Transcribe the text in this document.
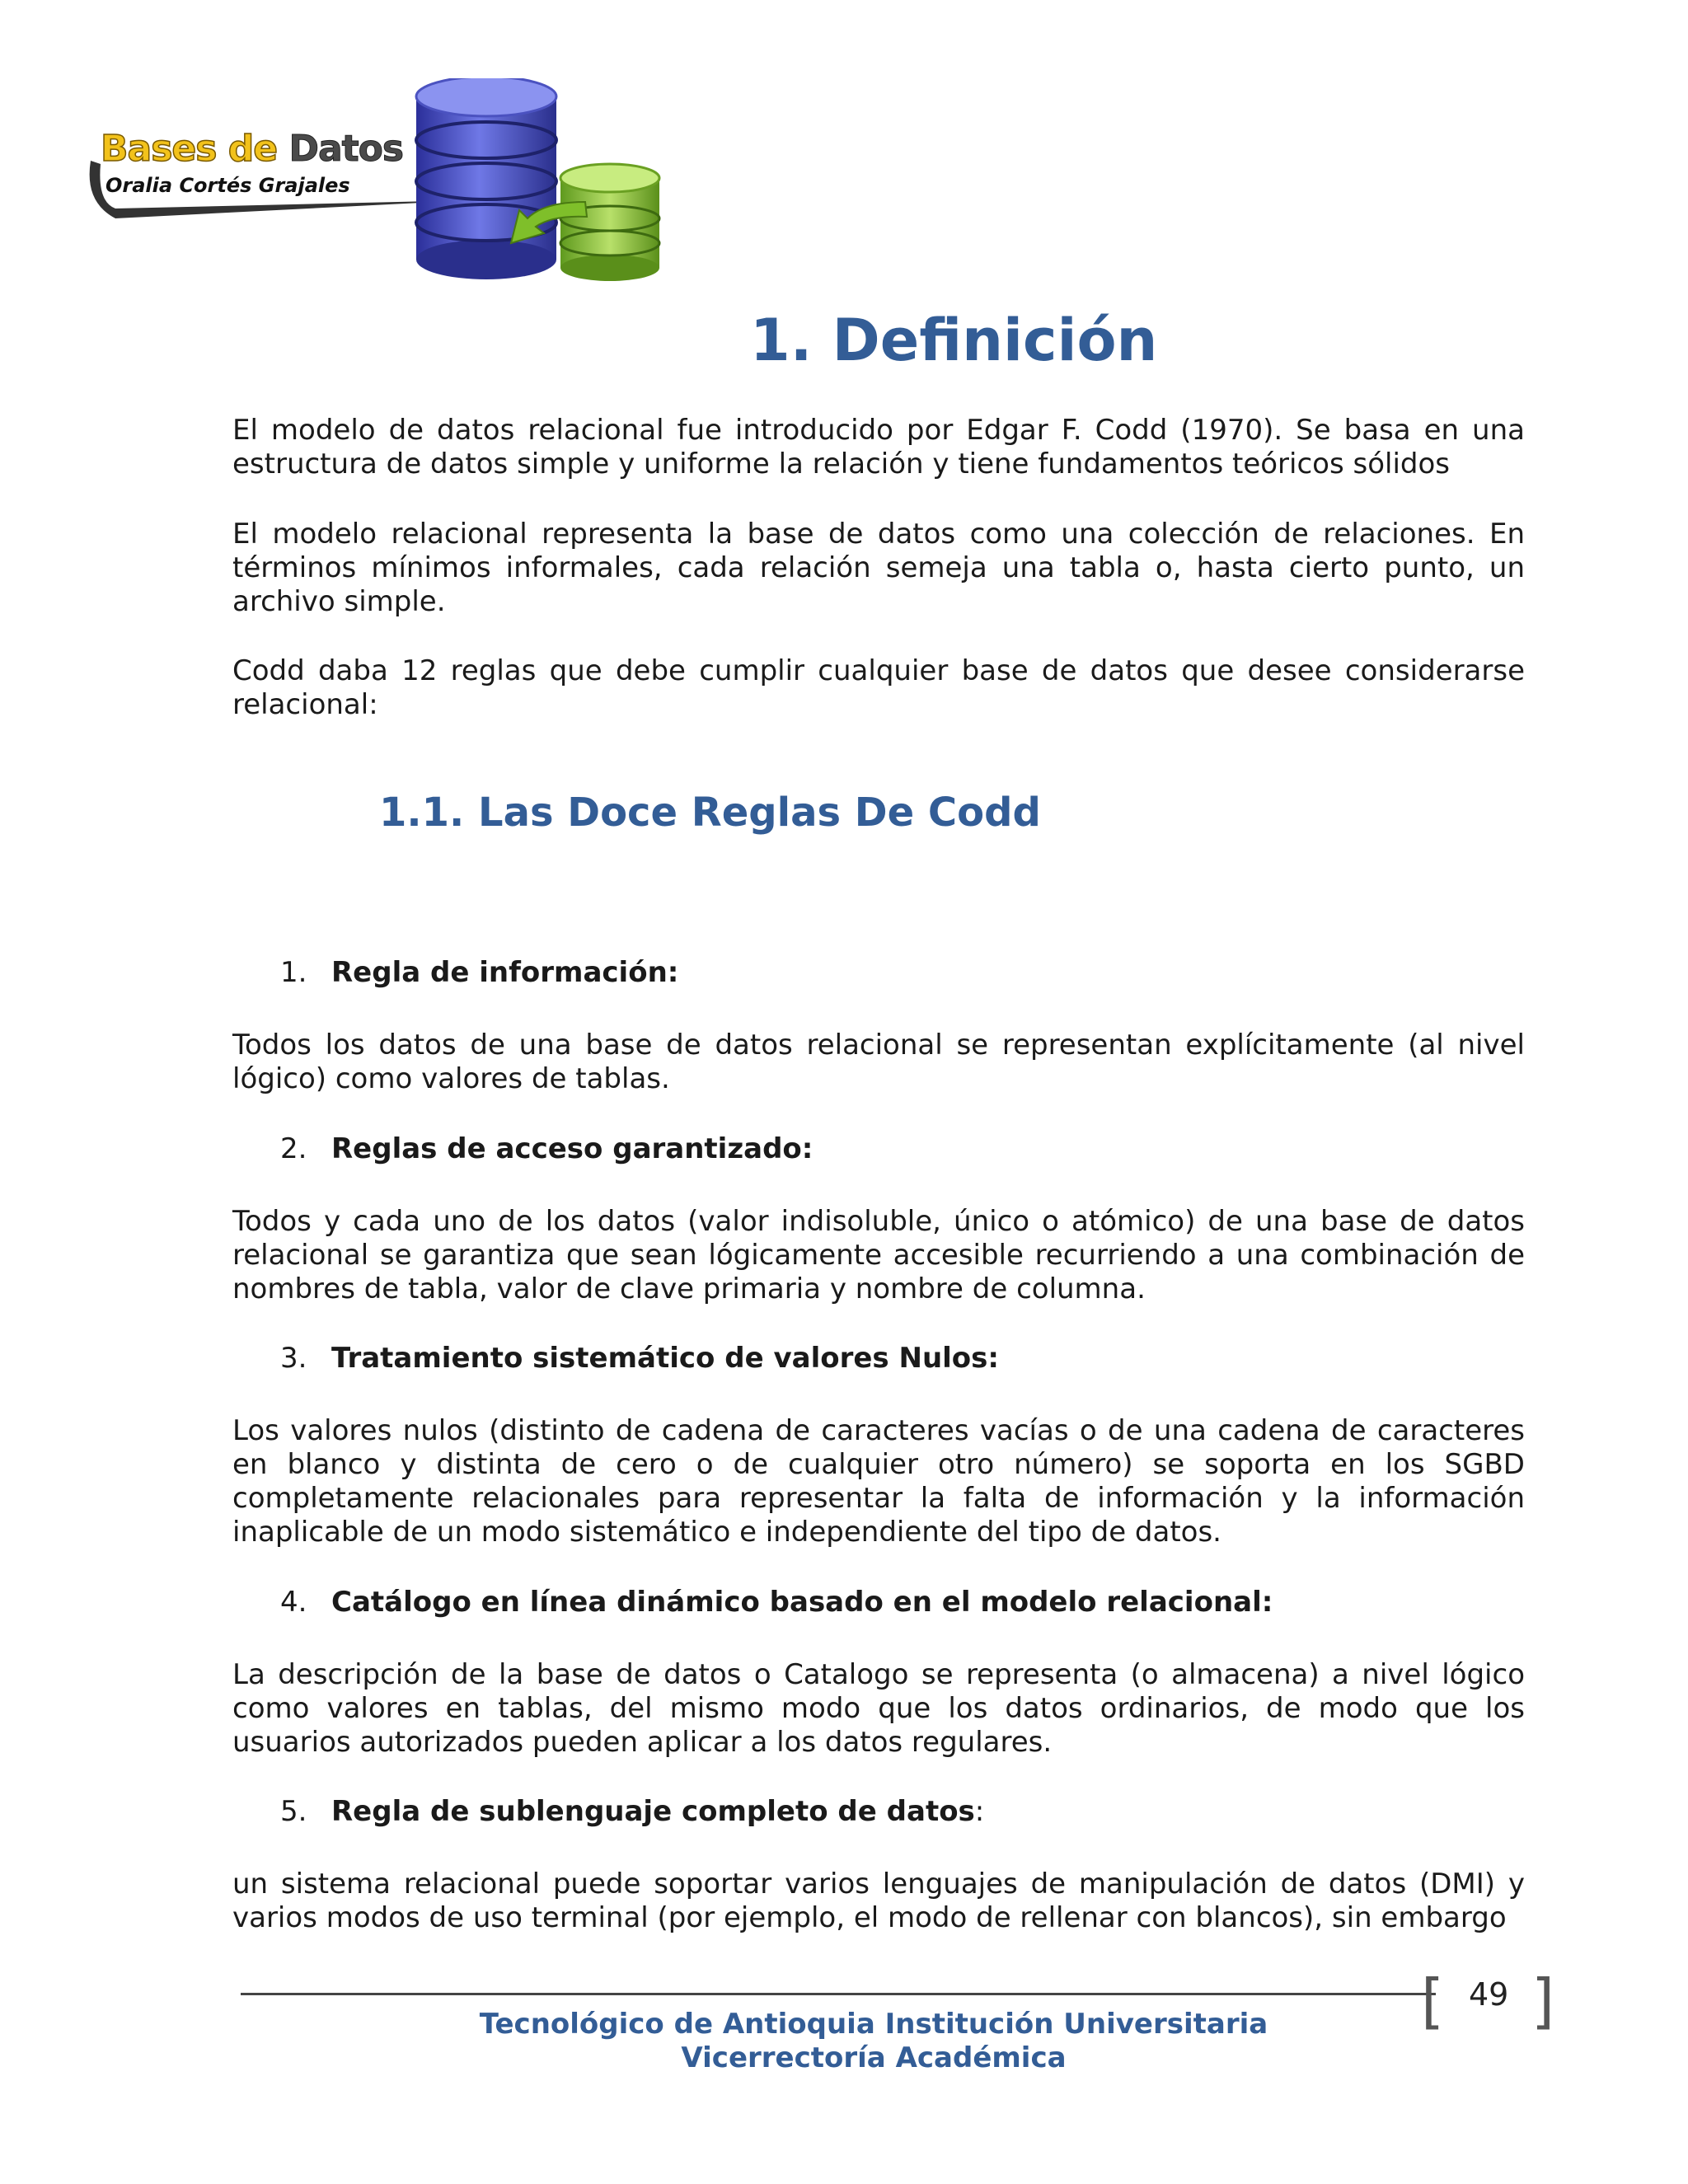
Bases de Datos
Oralia Cortés Grajales
1. Definición

El modelo de datos relacional fue introducido por Edgar F. Codd (1970). Se basa en una estructura de datos simple y uniforme la relación y tiene fundamentos teóricos sólidos

El modelo relacional representa la base de datos como una colección de relaciones. En términos mínimos informales, cada relación semeja una tabla o, hasta cierto punto, un archivo simple.

Codd daba 12 reglas que debe cumplir cualquier base de datos que desee considerarse relacional:

1.1. Las Doce Reglas De Codd
1. Regla de información:

Todos los datos de una base de datos relacional se representan explícitamente (al nivel lógico) como valores de tablas.

2. Reglas de acceso garantizado:

Todos y cada uno de los datos (valor indisoluble, único o atómico) de una base de datos relacional se garantiza que sean lógicamente accesible recurriendo a una combinación de nombres de tabla, valor de clave primaria y nombre de columna.

3. Tratamiento sistemático de valores Nulos:

Los valores nulos (distinto de cadena de caracteres vacías o de una cadena de caracteres en blanco y distinta de cero o de cualquier otro número) se soporta en los SGBD completamente relacionales para representar la falta de información y la información inaplicable de un modo sistemático e independiente del tipo de datos.

4. Catálogo en línea dinámico basado en el modelo relacional:

La descripción de la base de datos o Catalogo se representa (o almacena) a nivel lógico como valores en tablas, del mismo modo que los datos ordinarios, de modo que los usuarios autorizados pueden aplicar a los datos regulares.

5. Regla de sublenguaje completo de datos:

un sistema relacional puede soportar varios lenguajes de manipulación de datos (DMI) y varios modos de uso terminal (por ejemplo, el modo de rellenar con blancos), sin embargo

[ 49 ]

Tecnológico de Antioquia Institución Universitaria

Vicerrectoría Académica
